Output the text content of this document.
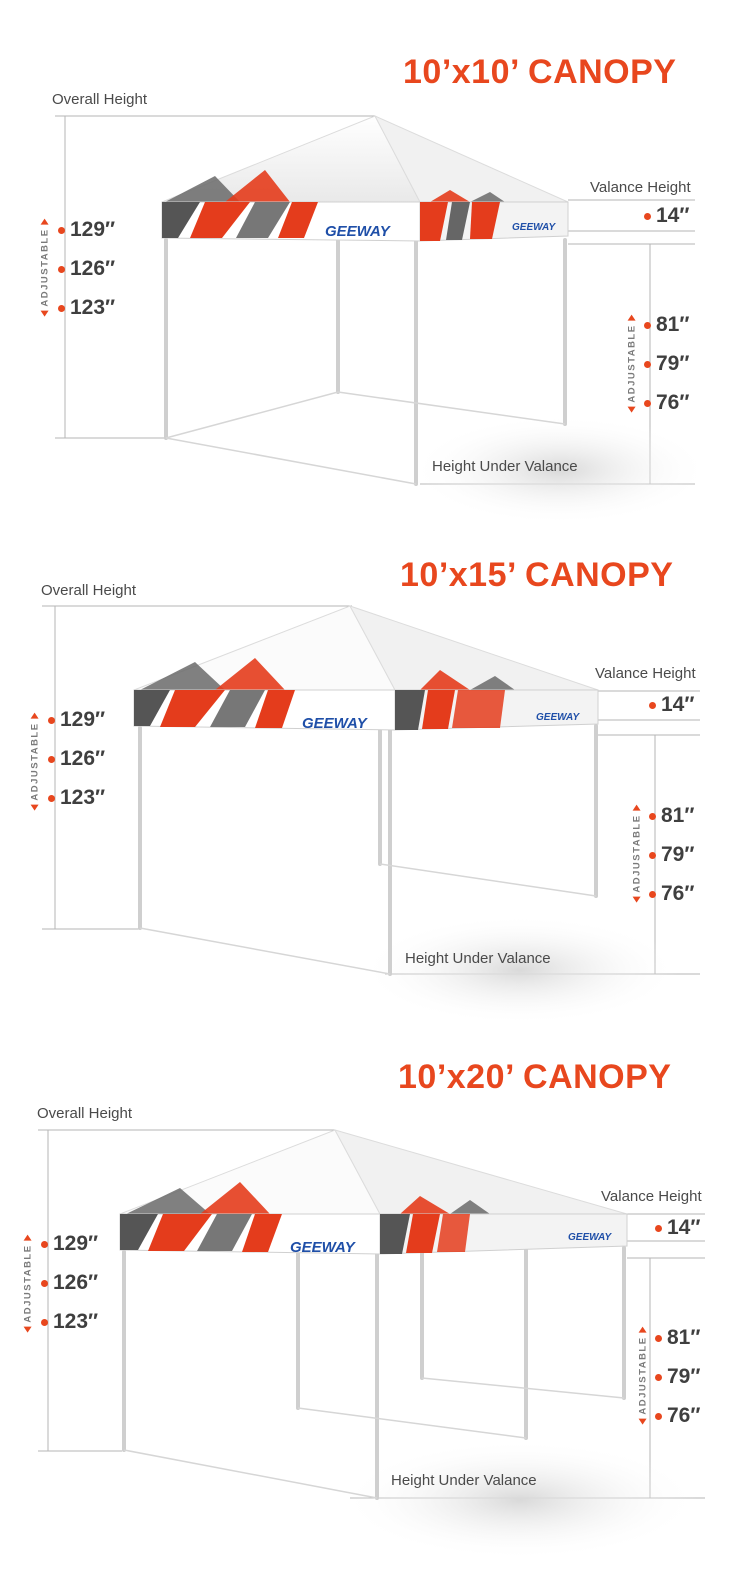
GEEWAY	GEEWAY
10’x10’ CANOPY
Overall Height
Valance Height
Height Under Valance
ADJUSTABLE 129″
126″
123″
14″
ADJUSTABLE 81″
79″
76″
GEEWAY	GEEWAY
10’x15’ CANOPY
Overall Height
Valance Height
Height Under Valance
ADJUSTABLE
129″
126″
123″
14″
ADJUSTABLE 81″
79″
76″
GEEWAY
GEEWAY
10’x20’ CANOPY
Overall Height
Valance Height
Height Under Valance
ADJUSTABLE
129″
126″
123″
14″
ADJUSTABLE 81″
79″
76″
